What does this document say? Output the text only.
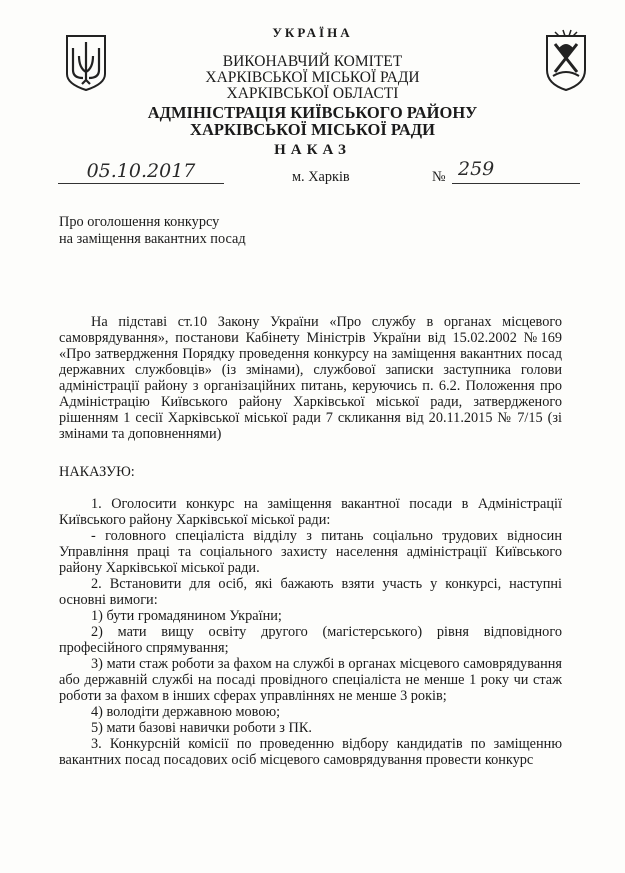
УКРАЇНА
ВИКОНАВЧИЙ КОМІТЕТ
ХАРКІВСЬКОЇ МІСЬКОЇ РАДИ
ХАРКІВСЬКОЇ ОБЛАСТІ
АДМІНІСТРАЦІЯ КИЇВСЬКОГО РАЙОНУ
ХАРКІВСЬКОЇ МІСЬКОЇ РАДИ
НАКАЗ
05.10.2017	м. Харків	№ 259
Про оголошення конкурсу
на заміщення вакантних посад

На підставі ст.10 Закону України «Про службу в органах місцевого самоврядування», постанови Кабінету Міністрів України від 15.02.2002 №169 «Про затвердження Порядку проведення конкурсу на заміщення вакантних посад державних службовців» (із змінами), службової записки заступника голови адміністрації району з організаційних питань, керуючись п. 6.2. Положення про Адміністрацію Київського району Харківської міської ради, затвердженого рішенням 1 сесії Харківської міської ради 7 скликання від 20.11.2015 № 7/15 (зі змінами та доповненнями)

НАКАЗУЮ:

1. Оголосити конкурс на заміщення вакантної посади в Адміністрації Київського району Харківської міської ради:

- головного спеціаліста відділу з питань соціально трудових відносин Управління праці та соціального захисту населення адміністрації Київського району Харківської міської ради.

2. Встановити для осіб, які бажають взяти участь у конкурсі, наступні основні вимоги:

1) бути громадянином України;

2) мати вищу освіту другого (магістерського) рівня відповідного професійного спрямування;

3) мати стаж роботи за фахом на службі в органах місцевого самоврядування або державній службі на посаді провідного спеціаліста не менше 1 року чи стаж роботи за фахом в інших сферах управліннях не менше 3 років;

4) володіти державною мовою;

5) мати базові навички роботи з ПК.

3. Конкурсній комісії по проведенню відбору кандидатів по заміщенню вакантних посад посадових осіб місцевого самоврядування провести конкурс
